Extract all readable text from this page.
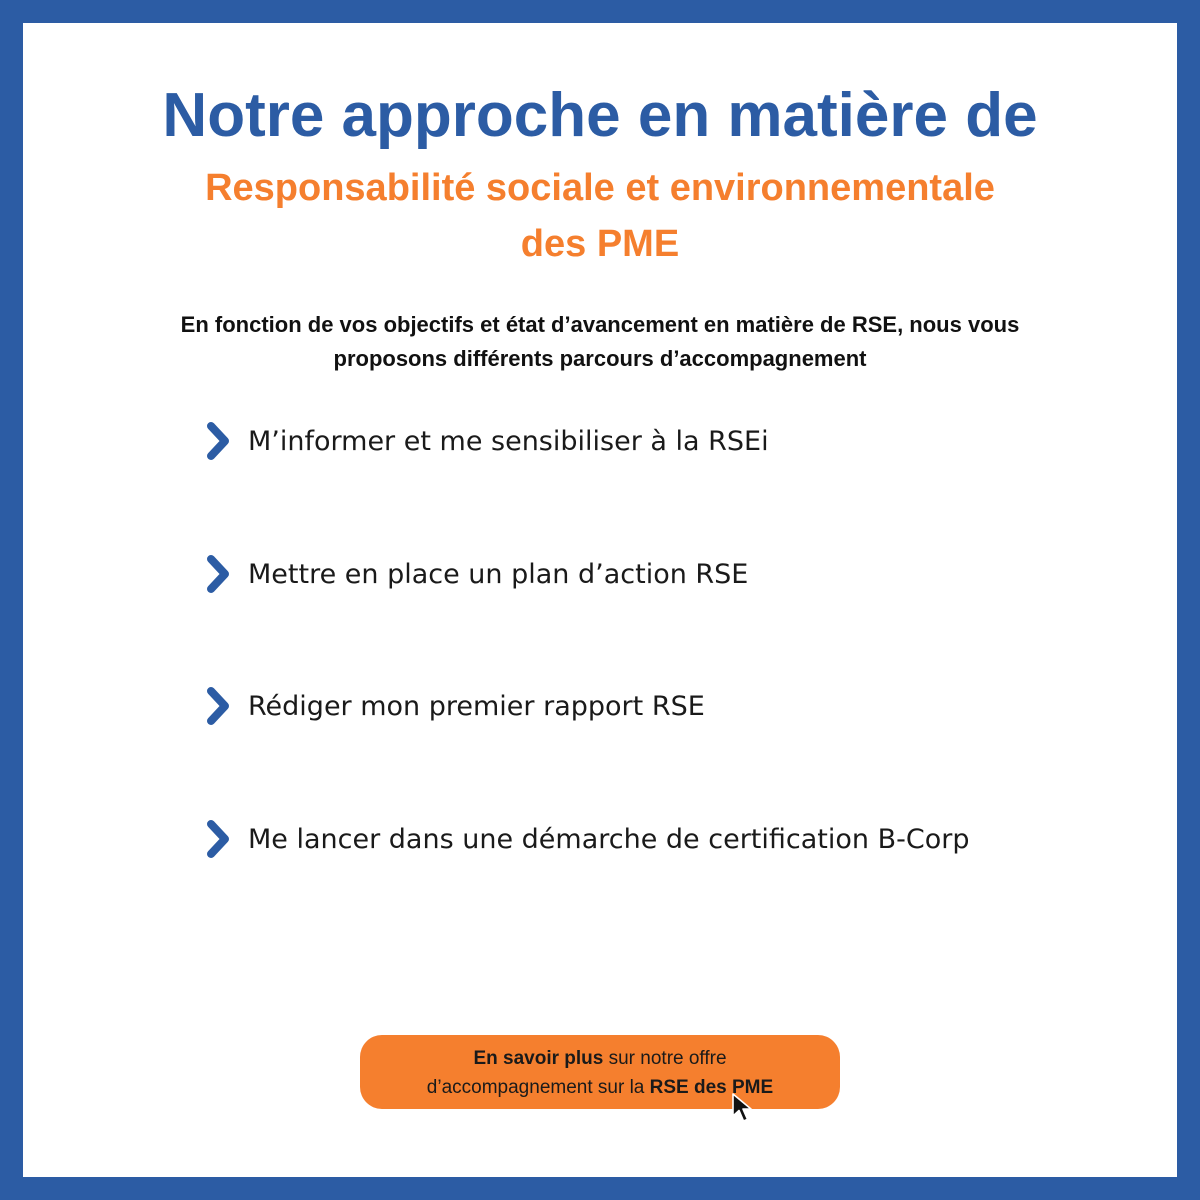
Notre approche en matière de
Responsabilité sociale et environnementale
des PME

En fonction de vos objectifs et état d’avancement en matière de RSE, nous vous
proposons différents parcours d’accompagnement

M’informer et me sensibiliser à la RSEi
Mettre en place un plan d’action RSE
Rédiger mon premier rapport RSE
Me lancer dans une démarche de certification B-Corp
En savoir plus sur notre offre
d’accompagnement sur la RSE des PME
